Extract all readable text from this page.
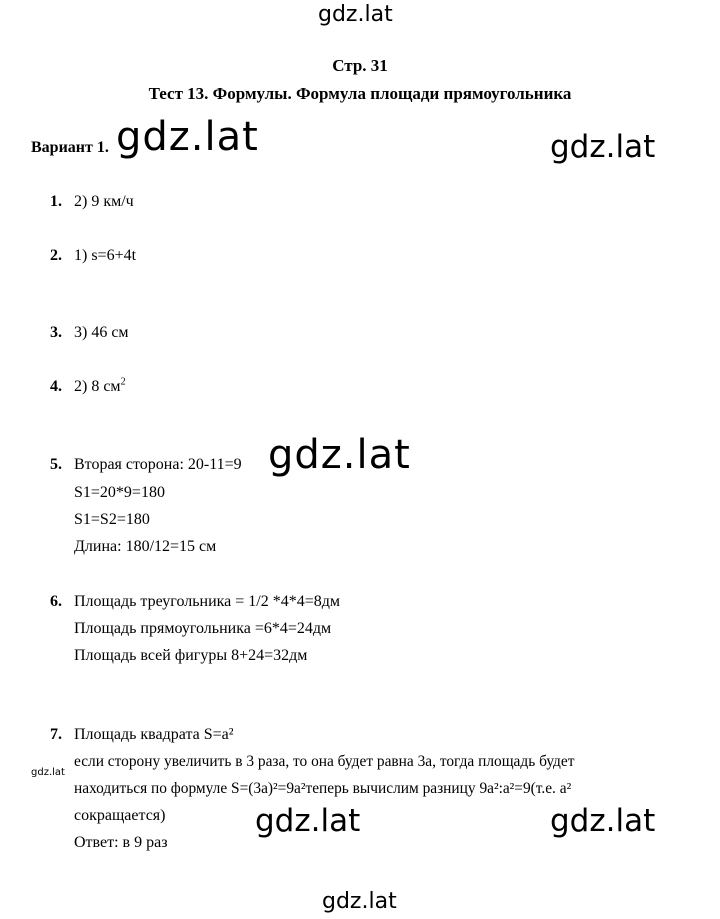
gdz.lat
gdz.lat	gdz.lat
gdz.lat
gdz.lat
gdz.lat	gdz.lat
gdz.lat
Стр. 31
Тест 13. Формулы. Формула площади прямоугольника
Вариант 1.
1. 2) 9 км/ч
2. 1) s=6+4t
3. 3) 46 см
4. 2) 8 $см^2$
5. Вторая сторона: 20-11=9
S1=20*9=180
S1=S2=180
Длина: 180/12=15 см
6. Площадь треугольника = 1/2 *4*4=8дм
Площадь прямоугольника =6*4=24дм
Площадь всей фигуры 8+24=32дм
7. Площадь квадрата S=a²
если сторону увеличить в 3 раза, то она будет равна 3а, тогда площадь будет
находиться по формуле S=(3a)²=9a²теперь вычислим разницу 9а²:a²=9(т.е. a²
сокращается)
Ответ: в 9 раз
